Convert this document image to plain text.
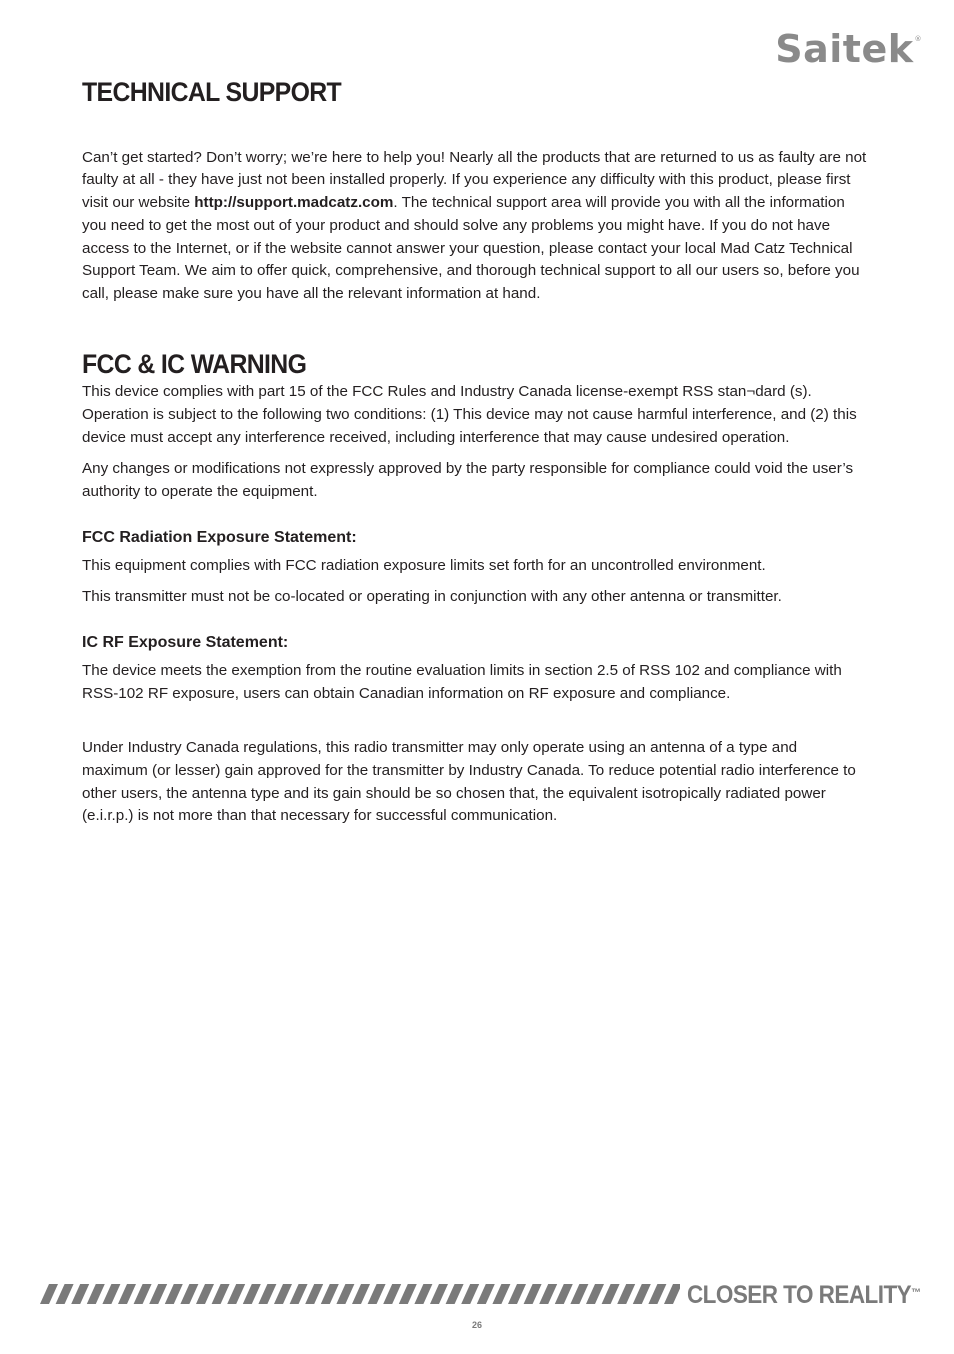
Saitek®
TECHNICAL SUPPORT

Can’t get started? Don’t worry; we’re here to help you! Nearly all the products that are returned to us as faulty are not faulty at all - they have just not been installed properly. If you experience any difficulty with this product, please first visit our website http://support.madcatz.com. The technical support area will provide you with all the information you need to get the most out of your product and should solve any problems you might have. If you do not have access to the Internet, or if the website cannot answer your question, please contact your local Mad Catz Technical Support Team. We aim to offer quick, comprehensive, and thorough technical support to all our users so, before you call, please make sure you have all the relevant information at hand.

FCC & IC WARNING

This device complies with part 15 of the FCC Rules and Industry Canada license-exempt RSS stan¬dard (s). Operation is subject to the following two conditions: (1) This device may not cause harmful interference, and (2) this device must accept any interference received, including interference that may cause undesired operation.

Any changes or modifications not expressly approved by the party responsible for compliance could void the user’s authority to operate the equipment.

FCC Radiation Exposure Statement:

This equipment complies with FCC radiation exposure limits set forth for an uncontrolled environment.

This transmitter must not be co-located or operating in conjunction with any other antenna or transmitter.

IC RF Exposure Statement:

The device meets the exemption from the routine evaluation limits in section 2.5 of RSS 102 and compliance with RSS-102 RF exposure, users can obtain Canadian information on RF exposure and compliance.

Under Industry Canada regulations, this radio transmitter may only operate using an antenna of a type and maximum (or lesser) gain approved for the transmitter by Industry Canada. To reduce potential radio interference to other users, the antenna type and its gain should be so chosen that, the equivalent isotropically radiated power (e.i.r.p.) is not more than that necessary for successful communication.

CLOSER TO REALITY™
26
